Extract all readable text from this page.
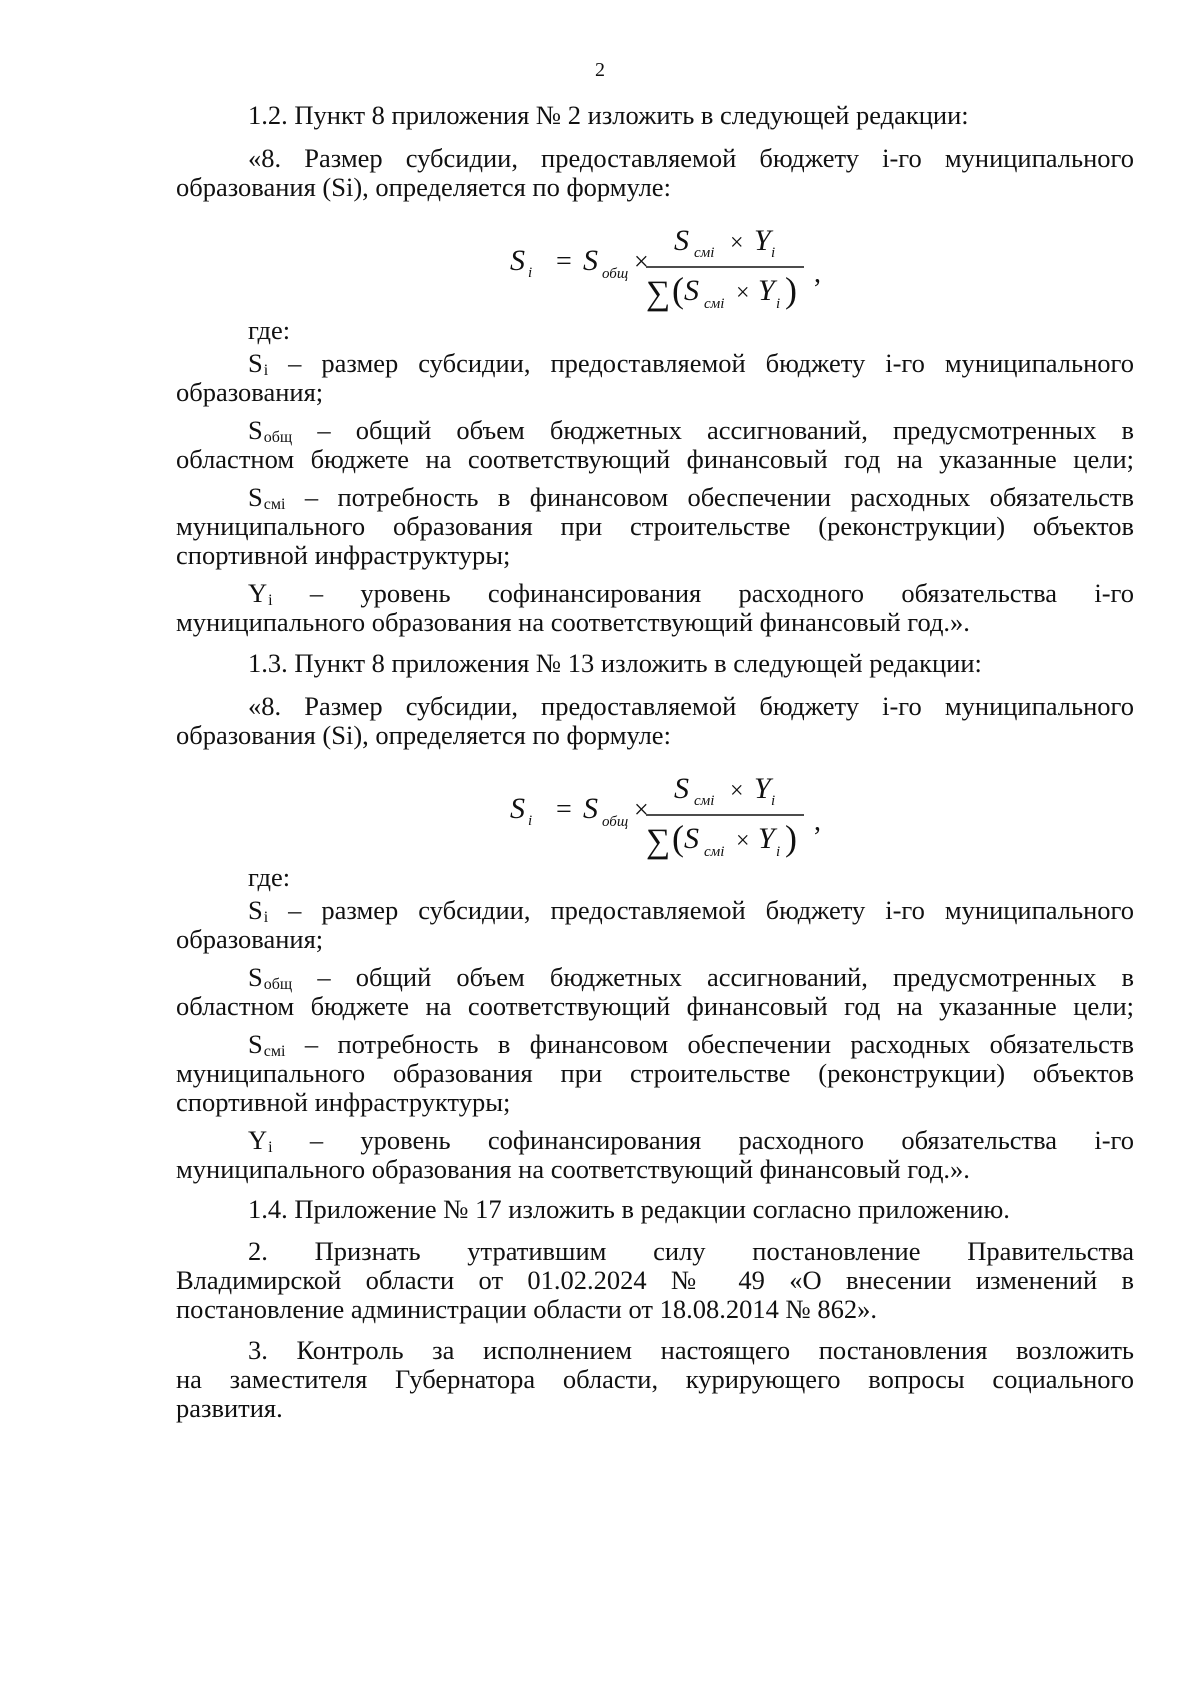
2

1.2. Пункт 8 приложения № 2 изложить в следующей редакции:

«8. Размер субсидии, предоставляемой бюджету i-го муниципального

образования (Si), определяется по формуле:

S i = S общ ×
S смi × Y i
∑ ( S смi × Y i ) ,

где:

Si – размер субсидии, предоставляемой бюджету i-го муниципального

образования;

Sобщ – общий объем бюджетных ассигнований, предусмотренных в

областном бюджете на соответствующий финансовый год на указанные цели;

Sсмi – потребность в финансовом обеспечении расходных обязательств

муниципального образования при строительстве (реконструкции) объектов

спортивной инфраструктуры;

Yi – уровень софинансирования расходного обязательства i-го

муниципального образования на соответствующий финансовый год.».

1.3. Пункт 8 приложения № 13 изложить в следующей редакции:

«8. Размер субсидии, предоставляемой бюджету i-го муниципального

образования (Si), определяется по формуле:

S i = S общ ×
S смi × Y i
∑ ( S смi × Y i ) ,

где:

Si – размер субсидии, предоставляемой бюджету i-го муниципального

образования;

Sобщ – общий объем бюджетных ассигнований, предусмотренных в

областном бюджете на соответствующий финансовый год на указанные цели;

Sсмi – потребность в финансовом обеспечении расходных обязательств

муниципального образования при строительстве (реконструкции) объектов

спортивной инфраструктуры;

Yi – уровень софинансирования расходного обязательства i-го

муниципального образования на соответствующий финансовый год.».

1.4. Приложение № 17 изложить в редакции согласно приложению.

2. Признать утратившим силу постановление Правительства

Владимирской области от 01.02.2024 № 49 «О внесении изменений в

постановление администрации области от 18.08.2014 № 862».

3. Контроль за исполнением настоящего постановления возложить

на заместителя Губернатора области, курирующего вопросы социального

развития.
